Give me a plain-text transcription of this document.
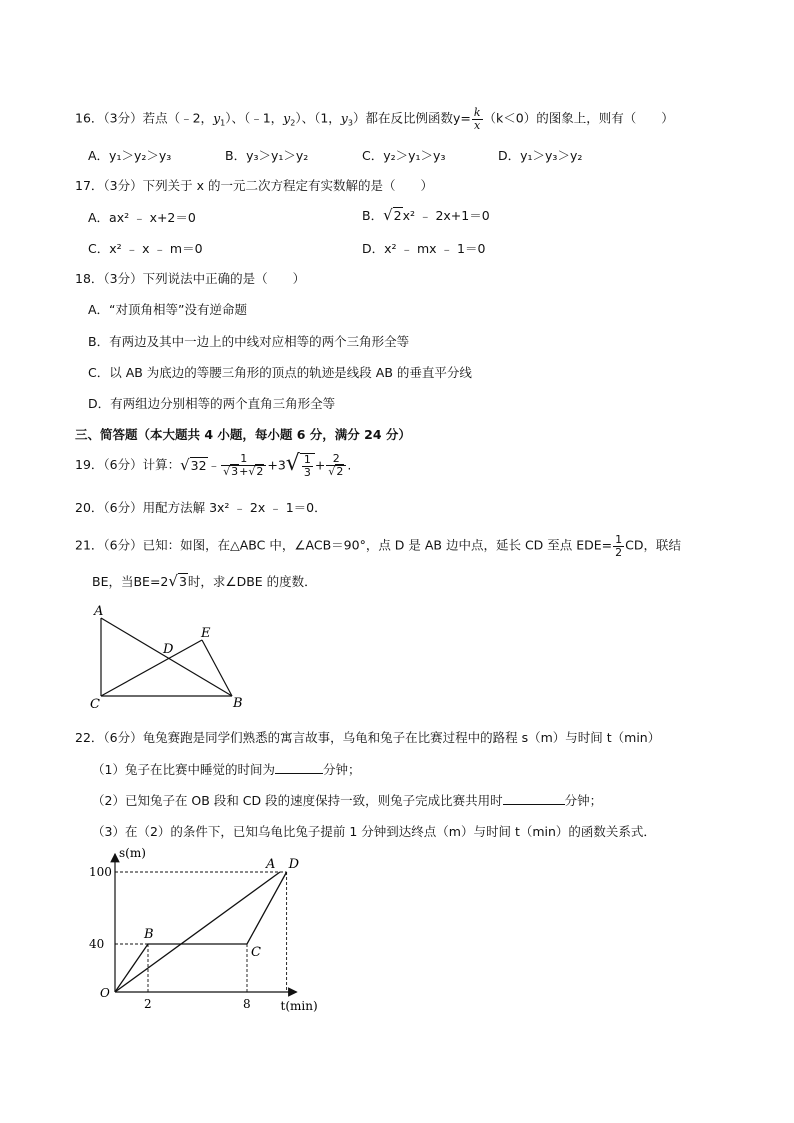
16．（3分）若点（﹣2，$y_1$）、（﹣1，$y_2$）、（1，$y_3$）都在反比例函数$y= \frac{k}{x} (k<0)$的图象上，则有（　　）
A．y₁＞y₂＞y₃	B．y₃＞y₁＞y₂	C．y₂＞y₁＞y₃	D．y₁＞y₃＞y₂
17．（3分）下列关于 x 的一元二次方程定有实数解的是（　　）
A．ax² ﹣ x+2＝0	B．√2x² ﹣ 2x+1＝0
C．x² ﹣ x ﹣ m＝0	D．x² ﹣ mx ﹣ 1＝0
18．（3分）下列说法中正确的是（　　）
A．“对顶角相等”没有逆命题
B．有两边及其中一边上的中线对应相等的两个三角形全等
C．以 AB 为底边的等腰三角形的顶点的轨迹是线段 AB 的垂直平分线
D．有两组边分别相等的两个直角三角形全等
三、简答题（本大题共 4 小题，每小题 6 分，满分 24 分）
19．（6分）计算：√32﹣ $\frac{1}{√3+√2} +3√ \frac{1}{3} + \frac{2}{√2}$ .
20．（6分）用配方法解 3x² ﹣ 2x ﹣ 1＝0．
21．（6分）已知：如图，在△ABC 中，∠ACB＝90°，点 D 是 AB 边中点，延长 CD 至点 $EDE= \frac{1}{2}$ CD，联结
BE，当BE=2√3时，求∠DBE 的度数．
A
B
C
D
E
22．（6分）龟兔赛跑是同学们熟悉的寓言故事，乌龟和兔子在比赛过程中的路程 s（m）与时间 t（min）
（1）兔子在比赛中睡觉的时间为	分钟；
（2）已知兔子在 OB 段和 CD 段的速度保持一致，则兔子完成比赛共用时	分钟；
（3）在（2）的条件下，已知乌龟比兔子提前 1 分钟到达终点（m）与时间 t（min）的函数关系式．
t(min)
s(m)
O
40
100
2	8
A
B
C
D
